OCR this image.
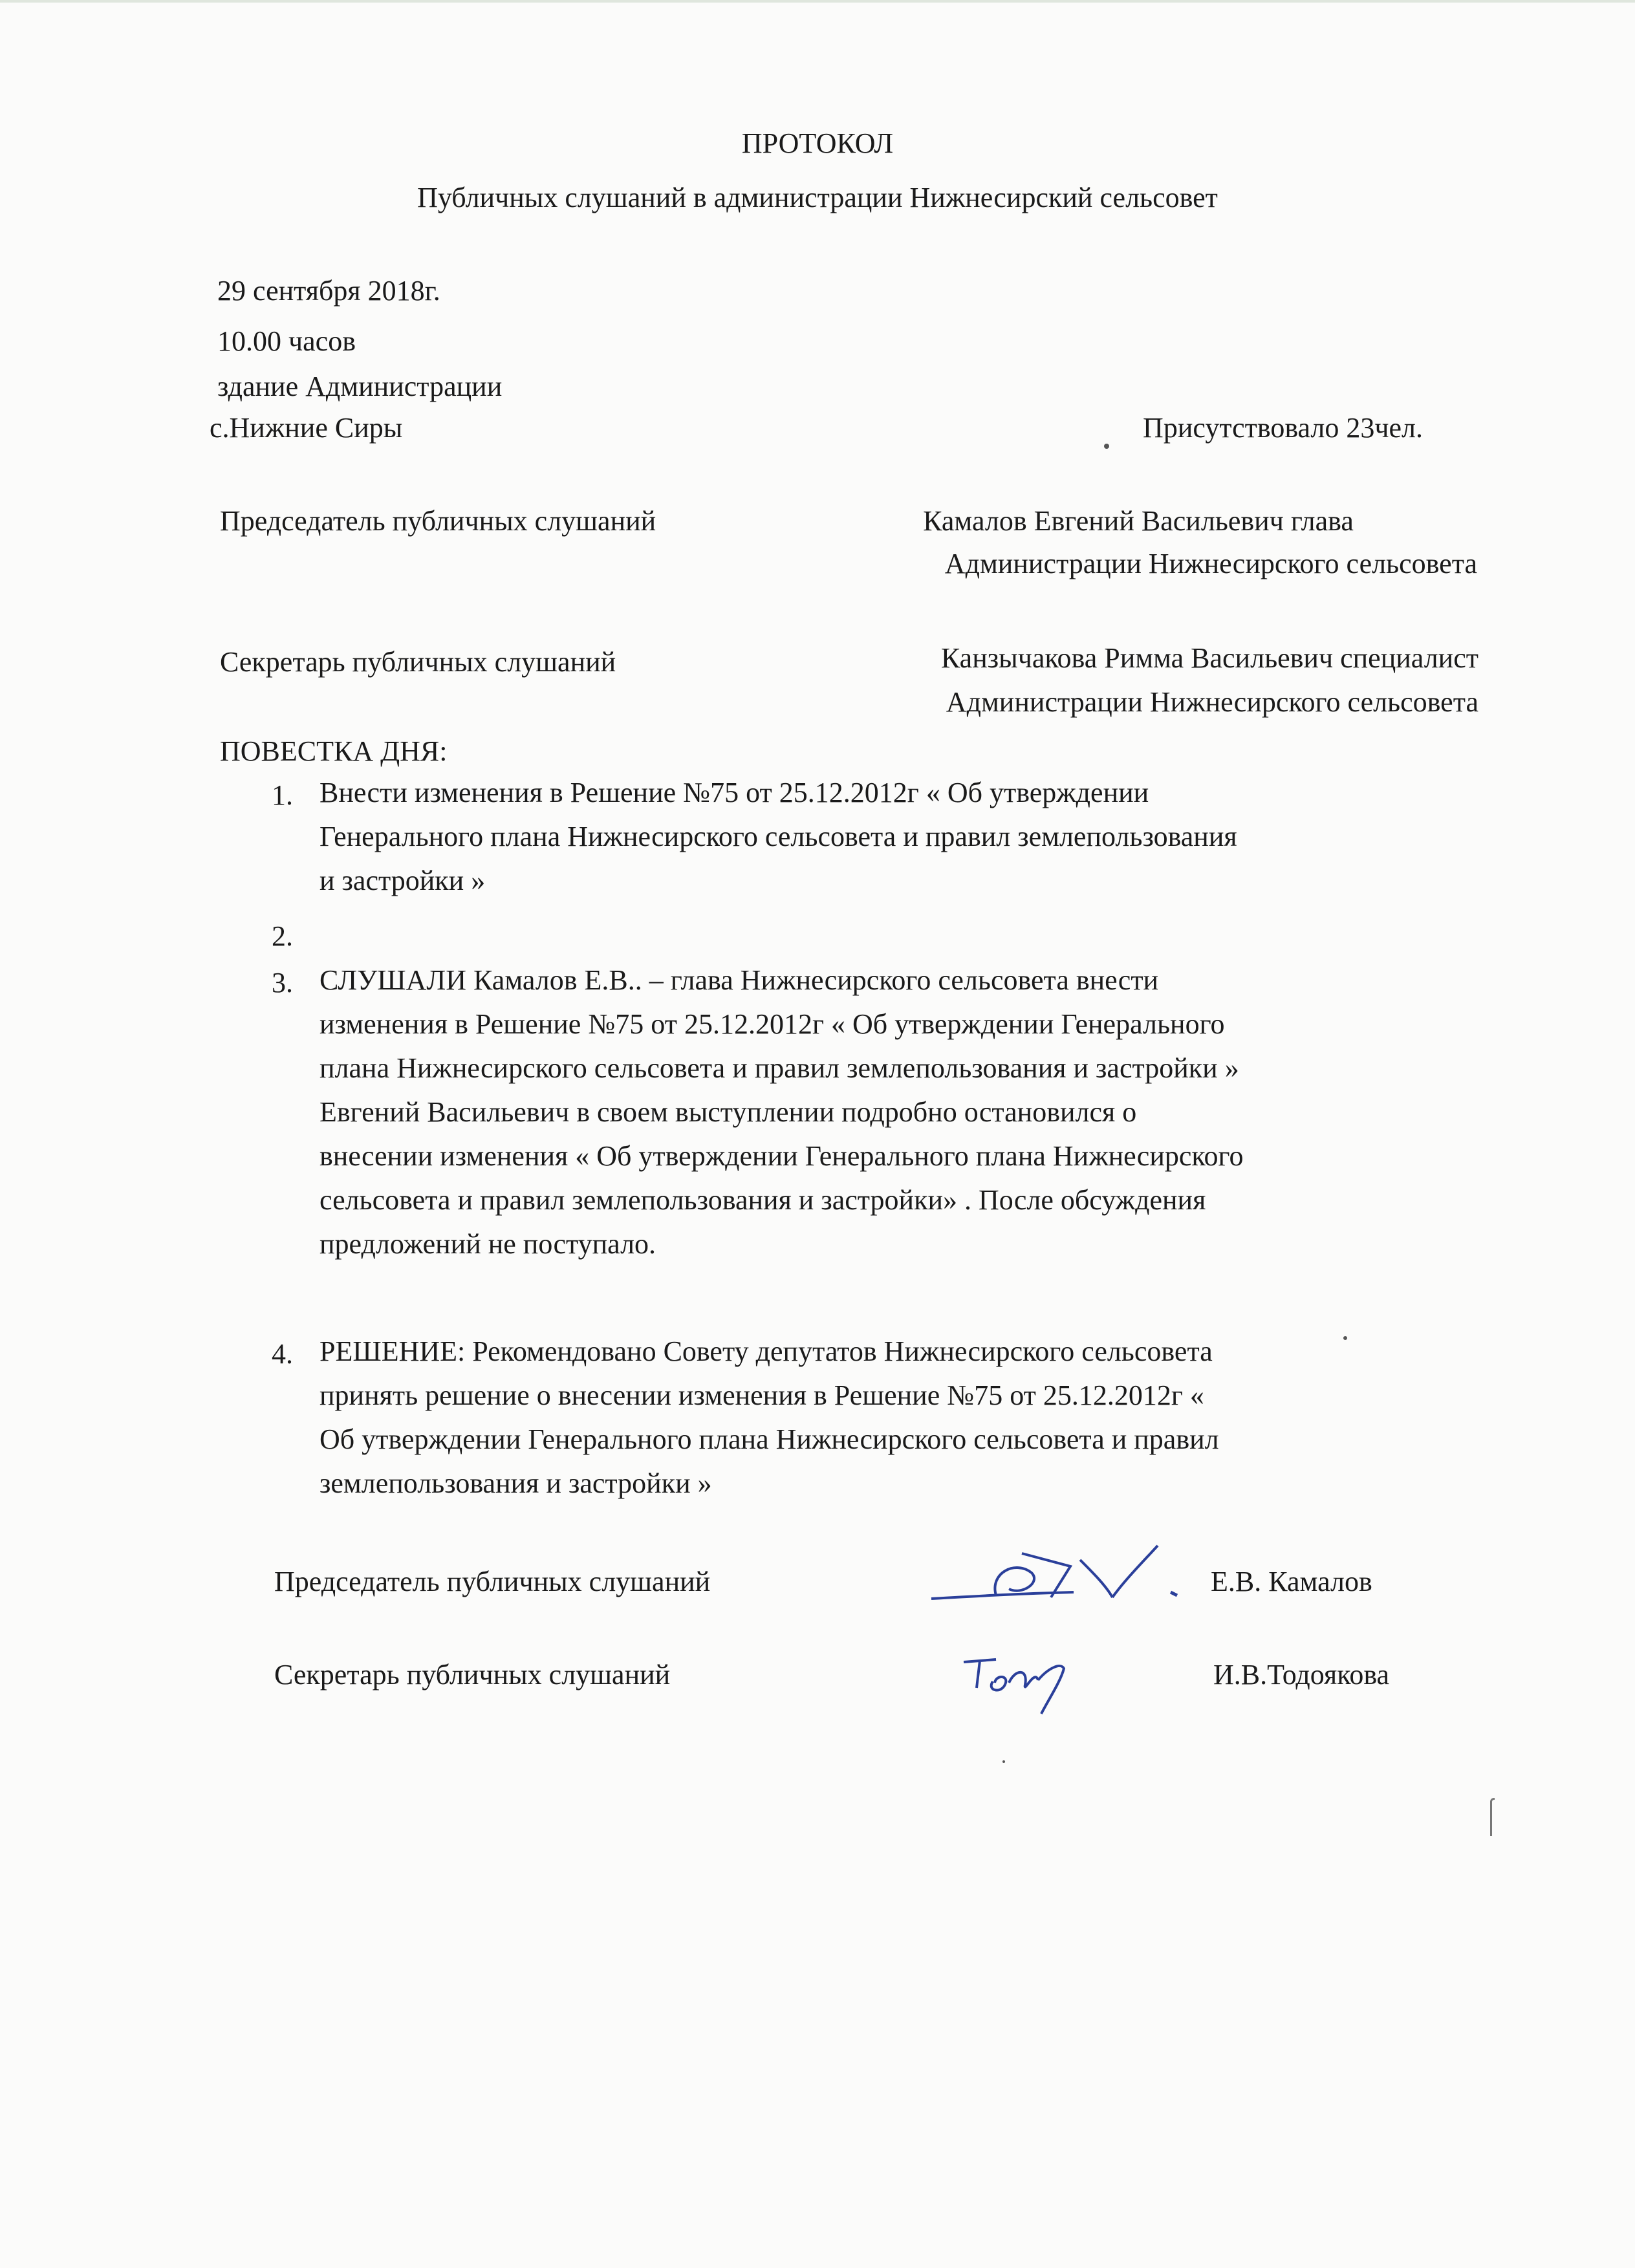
ПРОТОКОЛ
Публичных слушаний в администрации Нижнесирский сельсовет
29 сентября 2018г.
10.00 часов
здание Администрации
с.Нижние Сиры	Присутствовало 23чел.
Председатель публичных слушаний	Камалов Евгений Васильевич глава
Администрации Нижнесирского сельсовета
Секретарь публичных слушаний	Канзычакова Римма Васильевич специалист
Администрации Нижнесирского сельсовета
ПОВЕСТКА ДНЯ:
1. Внести изменения в Решение №75 от 25.12.2012г « Об утверждении
Генерального плана Нижнесирского сельсовета и правил землепользования
и застройки »
2.
3. СЛУШАЛИ Камалов Е.В.. – глава Нижнесирского сельсовета внести
изменения в Решение №75 от 25.12.2012г « Об утверждении Генерального
плана Нижнесирского сельсовета и правил землепользования и застройки »
Евгений Васильевич в своем выступлении подробно остановился о
внесении изменения « Об утверждении Генерального плана Нижнесирского
сельсовета и правил землепользования и застройки» . После обсуждения
предложений не поступало.
4. РЕШЕНИЕ: Рекомендовано Совету депутатов Нижнесирского сельсовета
принять решение о внесении изменения в Решение №75 от 25.12.2012г «
Об утверждении Генерального плана Нижнесирского сельсовета и правил
землепользования и застройки »
Председатель публичных слушаний	Е.В. Камалов
Секретарь публичных слушаний	И.В.Тодоякова
